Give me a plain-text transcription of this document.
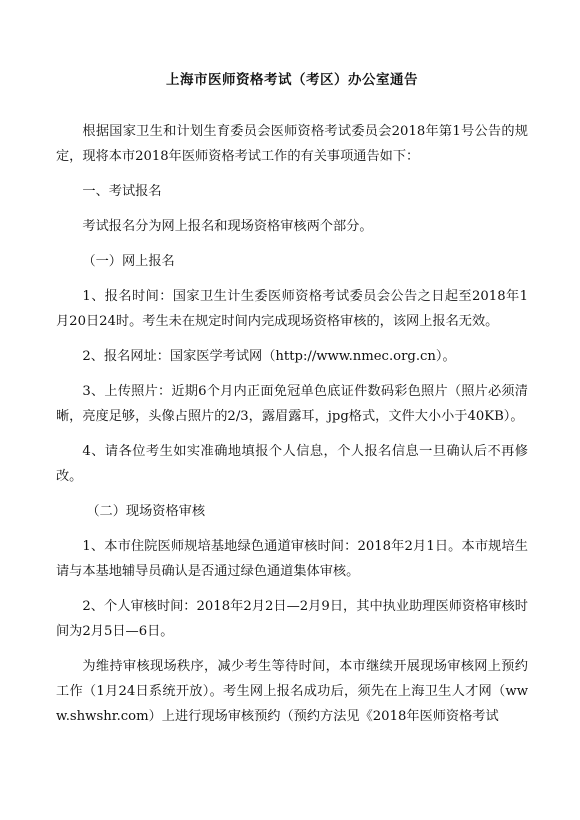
上海市医师资格考试（考区）办公室通告

根据国家卫生和计划生育委员会医师资格考试委员会2018年第1号公告的规定，现将本市2018年医师资格考试工作的有关事项通告如下：

一、考试报名

考试报名分为网上报名和现场资格审核两个部分。

（一）网上报名

1、报名时间：国家卫生计生委医师资格考试委员会公告之日起至2018年1月20日24时。考生未在规定时间内完成现场资格审核的，该网上报名无效。

2、报名网址：国家医学考试网（http://www.nmec.org.cn）。

3、上传照片：近期6个月内正面免冠单色底证件数码彩色照片（照片必须清晰，亮度足够，头像占照片的2/3，露眉露耳，jpg格式，文件大小小于40KB）。

4、请各位考生如实准确地填报个人信息，个人报名信息一旦确认后不再修改。

（二）现场资格审核

1、本市住院医师规培基地绿色通道审核时间：2018年2月1日。本市规培生请与本基地辅导员确认是否通过绿色通道集体审核。

2、个人审核时间：2018年2月2日—2月9日，其中执业助理医师资格审核时间为2月5日—6日。

为维持审核现场秩序，减少考生等待时间，本市继续开展现场审核网上预约工作（1月24日系统开放）。考生网上报名成功后，须先在上海卫生人才网（www.shwshr.com）上进行现场审核预约（预约方法见《2018年医师资格考试
